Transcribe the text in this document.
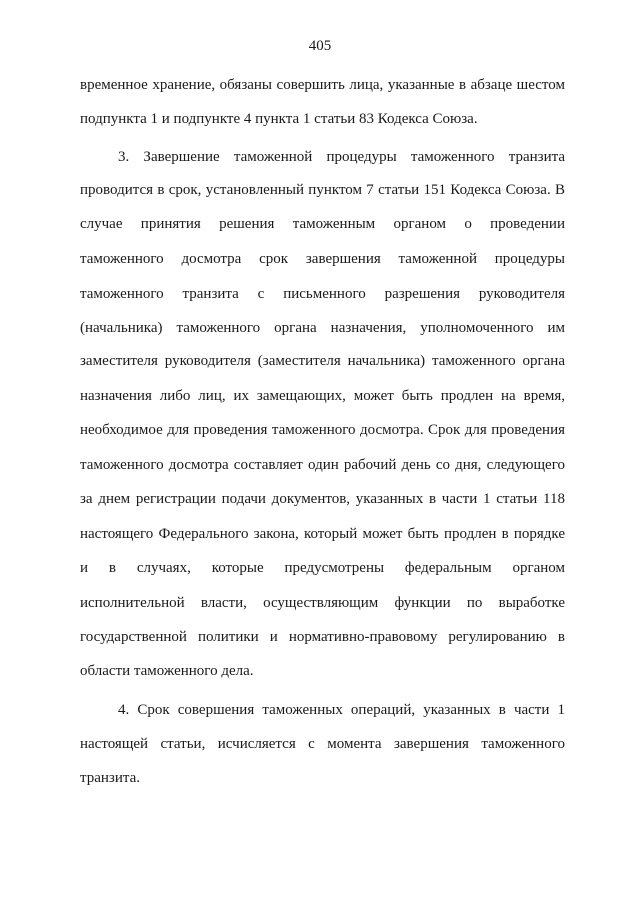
405
временное хранение, обязаны совершить лица, указанные в абзаце шестом
подпункта 1 и подпункте 4 пункта 1 статьи 83 Кодекса Союза.
3. Завершение таможенной процедуры таможенного транзита
проводится в срок, установленный пунктом 7 статьи 151 Кодекса Союза. В
случае принятия решения таможенным органом о проведении
таможенного досмотра срок завершения таможенной процедуры
таможенного транзита с письменного разрешения руководителя
(начальника) таможенного органа назначения, уполномоченного им
заместителя руководителя (заместителя начальника) таможенного органа
назначения либо лиц, их замещающих, может быть продлен на время,
необходимое для проведения таможенного досмотра. Срок для проведения
таможенного досмотра составляет один рабочий день со дня, следующего
за днем регистрации подачи документов, указанных в части 1 статьи 118
настоящего Федерального закона, который может быть продлен в порядке
и в случаях, которые предусмотрены федеральным органом
исполнительной власти, осуществляющим функции по выработке
государственной политики и нормативно-правовому регулированию в
области таможенного дела.
4. Срок совершения таможенных операций, указанных в части 1
настоящей статьи, исчисляется с момента завершения таможенного
транзита.
